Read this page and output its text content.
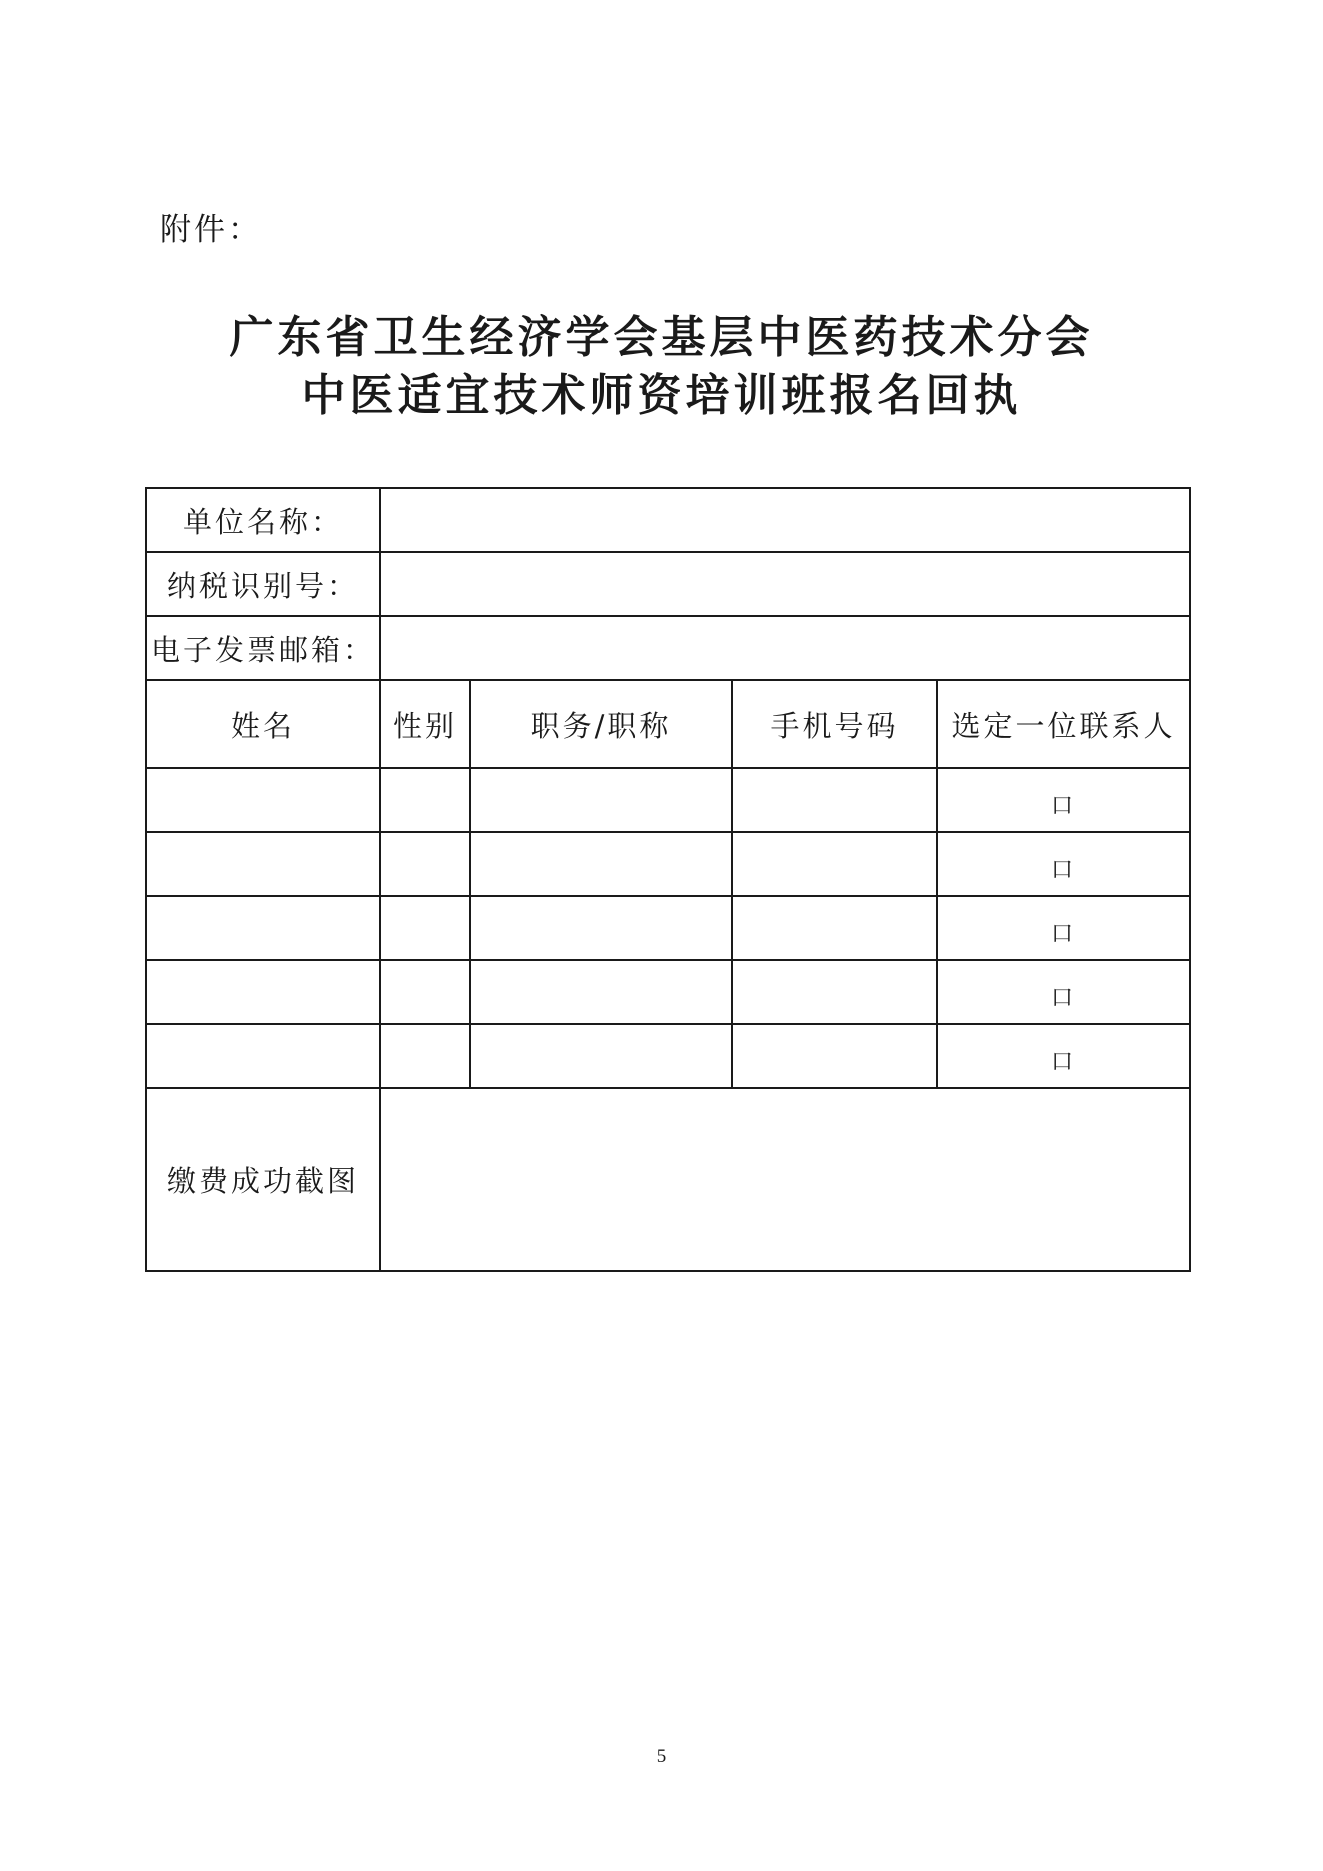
附件：
广东省卫生经济学会基层中医药技术分会
中医适宜技术师资培训班报名回执
单位名称：				
纳税识别号：				
电子发票邮箱：				
姓名	性别	职务/职称	手机号码	选定一位联系人
				口
				口
				口
				口
				口
缴费成功截图				
5
